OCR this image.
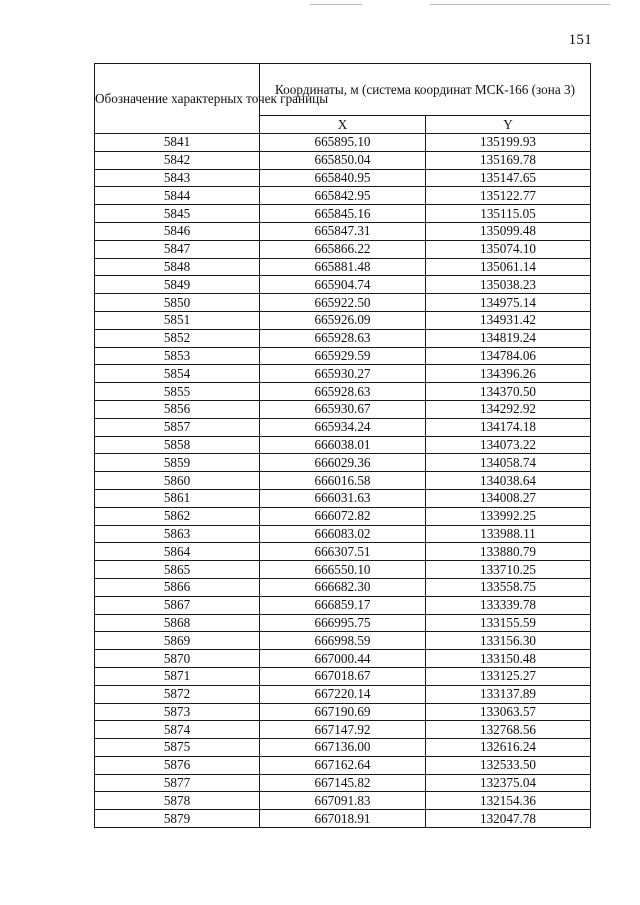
151
Обозначение характерных точек границы	Координаты, м (система координат МСК-166 (зона 3)	
	X	Y
5841	665895.10	135199.93
5842	665850.04	135169.78
5843	665840.95	135147.65
5844	665842.95	135122.77
5845	665845.16	135115.05
5846	665847.31	135099.48
5847	665866.22	135074.10
5848	665881.48	135061.14
5849	665904.74	135038.23
5850	665922.50	134975.14
5851	665926.09	134931.42
5852	665928.63	134819.24
5853	665929.59	134784.06
5854	665930.27	134396.26
5855	665928.63	134370.50
5856	665930.67	134292.92
5857	665934.24	134174.18
5858	666038.01	134073.22
5859	666029.36	134058.74
5860	666016.58	134038.64
5861	666031.63	134008.27
5862	666072.82	133992.25
5863	666083.02	133988.11
5864	666307.51	133880.79
5865	666550.10	133710.25
5866	666682.30	133558.75
5867	666859.17	133339.78
5868	666995.75	133155.59
5869	666998.59	133156.30
5870	667000.44	133150.48
5871	667018.67	133125.27
5872	667220.14	133137.89
5873	667190.69	133063.57
5874	667147.92	132768.56
5875	667136.00	132616.24
5876	667162.64	132533.50
5877	667145.82	132375.04
5878	667091.83	132154.36
5879	667018.91	132047.78
